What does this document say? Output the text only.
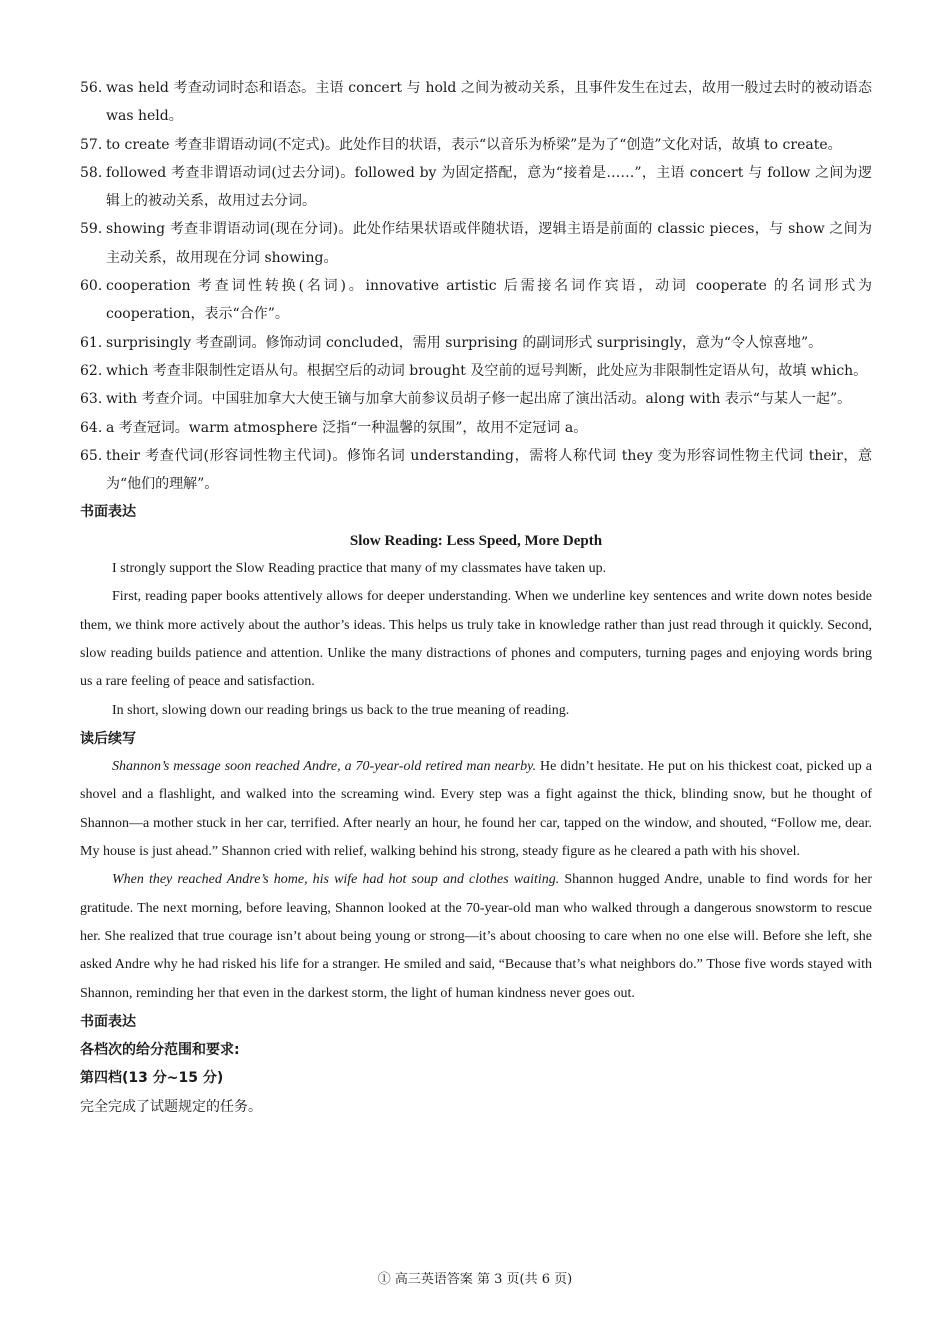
56. was held 考查动词时态和语态。主语 concert 与 hold 之间为被动关系，且事件发生在过去，故用一般过去时的被动语态 was held。
57. to create 考查非谓语动词(不定式)。此处作目的状语，表示“以音乐为桥梁”是为了“创造”文化对话，故填 to create。
58. followed 考查非谓语动词(过去分词)。followed by 为固定搭配，意为“接着是……”，主语 concert 与 follow 之间为逻辑上的被动关系，故用过去分词。
59. showing 考查非谓语动词(现在分词)。此处作结果状语或伴随状语，逻辑主语是前面的 classic pieces，与 show 之间为主动关系，故用现在分词 showing。
60. cooperation 考查词性转换(名词)。innovative artistic 后需接名词作宾语，动词 cooperate 的名词形式为 cooperation，表示“合作”。
61. surprisingly 考查副词。修饰动词 concluded，需用 surprising 的副词形式 surprisingly，意为“令人惊喜地”。
62. which 考查非限制性定语从句。根据空后的动词 brought 及空前的逗号判断，此处应为非限制性定语从句，故填 which。
63. with 考查介词。中国驻加拿大大使王镝与加拿大前参议员胡子修一起出席了演出活动。along with 表示“与某人一起”。
64. a 考查冠词。warm atmosphere 泛指“一种温馨的氛围”，故用不定冠词 a。
65. their 考查代词(形容词性物主代词)。修饰名词 understanding，需将人称代词 they 变为形容词性物主代词 their，意为“他们的理解”。
书面表达
Slow Reading: Less Speed, More Depth

I strongly support the Slow Reading practice that many of my classmates have taken up.

First, reading paper books attentively allows for deeper understanding. When we underline key sentences and write down notes beside them, we think more actively about the author’s ideas. This helps us truly take in knowledge rather than just read through it quickly. Second, slow reading builds patience and attention. Unlike the many distractions of phones and computers, turning pages and enjoying words bring us a rare feeling of peace and satisfaction.

In short, slowing down our reading brings us back to the true meaning of reading.

读后续写

Shannon’s message soon reached Andre, a 70-year-old retired man nearby. He didn’t hesitate. He put on his thickest coat, picked up a shovel and a flashlight, and walked into the screaming wind. Every step was a fight against the thick, blinding snow, but he thought of Shannon—a mother stuck in her car, terrified. After nearly an hour, he found her car, tapped on the window, and shouted, “Follow me, dear. My house is just ahead.” Shannon cried with relief, walking behind his strong, steady figure as he cleared a path with his shovel.

When they reached Andre’s home, his wife had hot soup and clothes waiting. Shannon hugged Andre, unable to find words for her gratitude. The next morning, before leaving, Shannon looked at the 70-year-old man who walked through a dangerous snowstorm to rescue her. She realized that true courage isn’t about being young or strong—it’s about choosing to care when no one else will. Before she left, she asked Andre why he had risked his life for a stranger. He smiled and said, “Because that’s what neighbors do.” Those five words stayed with Shannon, reminding her that even in the darkest storm, the light of human kindness never goes out.

书面表达
各档次的给分范围和要求:
第四档(13 分~15 分)

完全完成了试题规定的任务。

① 高三英语答案 第 3 页(共 6 页)
